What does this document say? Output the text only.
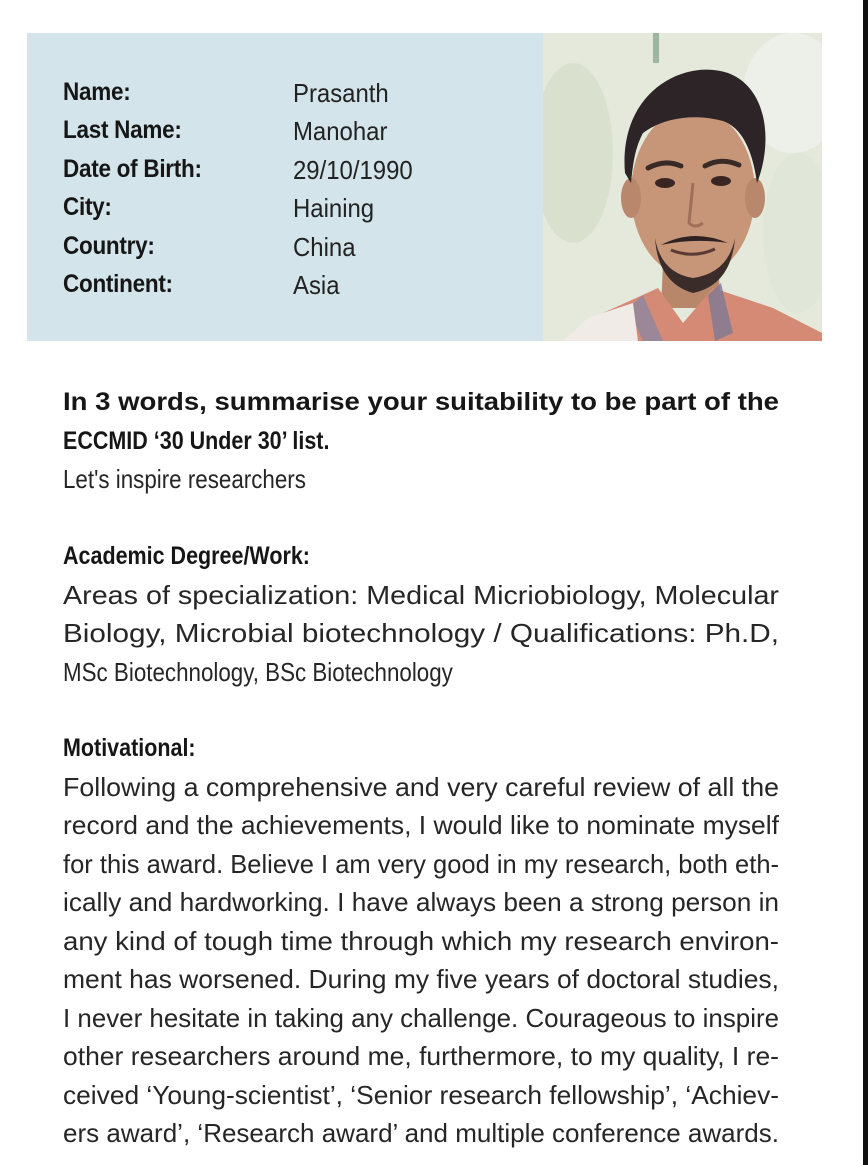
Name:	Prasanth
Last Name:	Manohar
Date of Birth:	29/10/1990
City:	Haining
Country:	China
Continent:	Asia
In 3 words, summarise your suitability to be part of the
ECCMID ‘30 Under 30’ list.
Let's inspire researchers
Academic Degree/Work:
Areas of specialization: Medical Micriobiology, Molecular
Biology, Microbial biotechnology / Qualifications: Ph.D,
MSc Biotechnology, BSc Biotechnology
Motivational:
Following a comprehensive and very careful review of all the
record and the achievements, I would like to nominate myself
for this award. Believe I am very good in my research, both eth-
ically and hardworking. I have always been a strong person in
any kind of tough time through which my research environ-
ment has worsened. During my five years of doctoral studies,
I never hesitate in taking any challenge. Courageous to inspire
other researchers around me, furthermore, to my quality, I re-
ceived ‘Young-scientist’, ‘Senior research fellowship’, ‘Achiev-
ers award’, ‘Research award’ and multiple conference awards.
